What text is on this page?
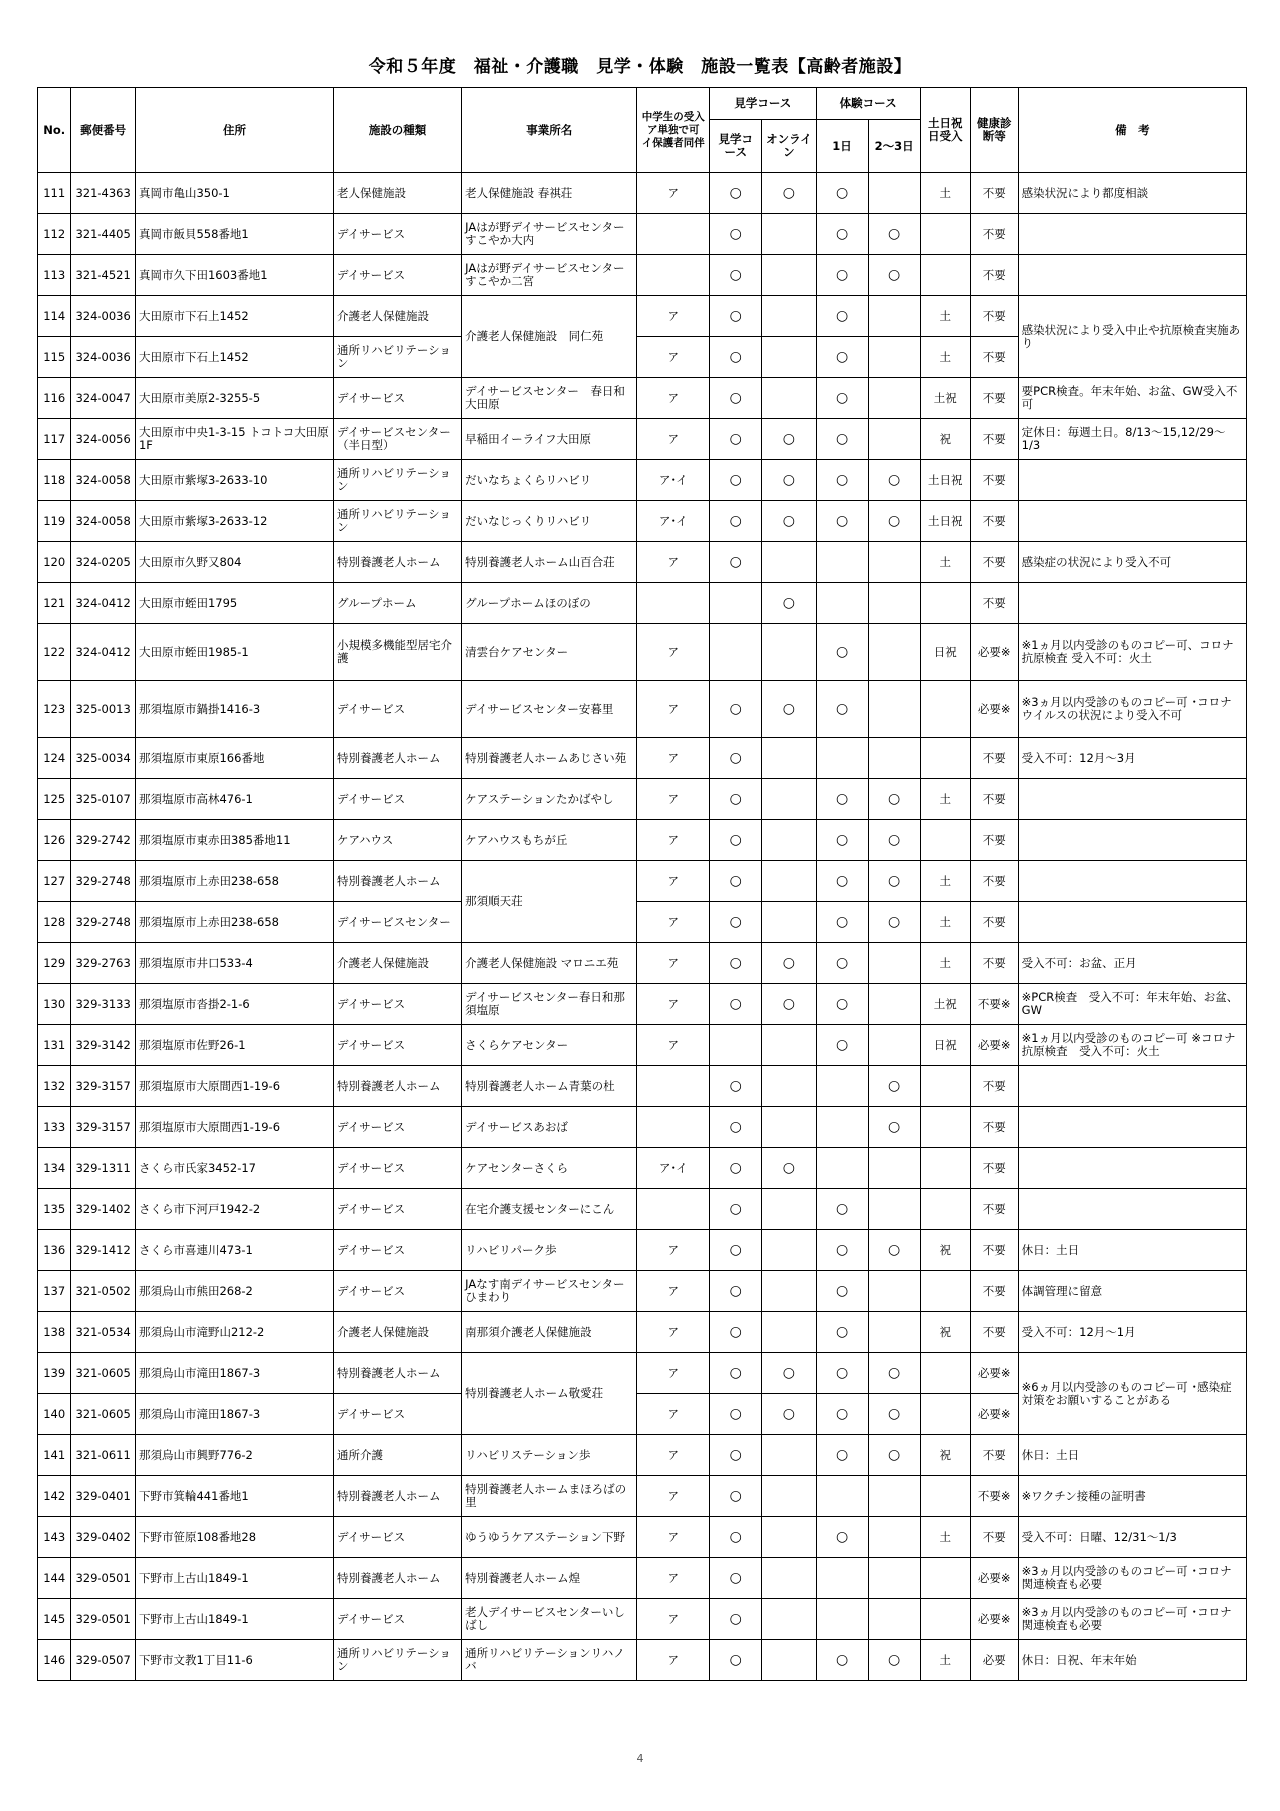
令和５年度　福祉・介護職　見学・体験　施設一覧表【高齢者施設】
No.	郵便番号	住所	施設の種類	事業所名	中学生の受入 ア単独で可 イ保護者同伴	見学コース		体験コース		土日祝日受入	健康診断等	備　考
						見学コース	オンライン	1日	2〜3日			
111	321-4363	真岡市亀山350-1	老人保健施設	老人保健施設 春祺荘	ア	○	○	○		土	不要	感染状況により都度相談
112	321-4405	真岡市飯貝558番地1	デイサービス	JAはが野デイサービスセンターすこやか大内		○		○	○		不要	
113	321-4521	真岡市久下田1603番地1	デイサービス	JAはが野デイサービスセンターすこやか二宮		○		○	○		不要	
114	324-0036	大田原市下石上1452	介護老人保健施設	介護老人保健施設　同仁苑	ア	○		○		土	不要	感染状況により受入中止や抗原検査実施あり
115	324-0036	大田原市下石上1452	通所リハビリテーション		ア	○		○		土	不要	
116	324-0047	大田原市美原2-3255-5	デイサービス	デイサービスセンター　春日和大田原	ア	○		○		土祝	不要	要PCR検査。年末年始、お盆、GW受入不可
117	324-0056	大田原市中央1-3-15 トコトコ大田原1F	デイサービスセンター（半日型）	早稲田イーライフ大田原	ア	○	○	○		祝	不要	定休日：毎週土日。8/13〜15,12/29〜1/3
118	324-0058	大田原市紫塚3-2633-10	通所リハビリテーション	だいなちょくらリハビリ	ア･イ	○	○	○	○	土日祝	不要	
119	324-0058	大田原市紫塚3-2633-12	通所リハビリテーション	だいなじっくりリハビリ	ア･イ	○	○	○	○	土日祝	不要	
120	324-0205	大田原市久野又804	特別養護老人ホーム	特別養護老人ホーム山百合荘	ア	○				土	不要	感染症の状況により受入不可
121	324-0412	大田原市蛭田1795	グループホーム	グループホームほのぼの			○				不要	
122	324-0412	大田原市蛭田1985-1	小規模多機能型居宅介護	清雲台ケアセンター	ア			○		日祝	必要※	※1ヵ月以内受診のものコピー可、コロナ抗原検査 受入不可：火土
123	325-0013	那須塩原市鍋掛1416-3	デイサービス	デイサービスセンター安暮里	ア	○	○	○			必要※	※3ヵ月以内受診のものコピー可 ･コロナウイルスの状況により受入不可
124	325-0034	那須塩原市東原166番地	特別養護老人ホーム	特別養護老人ホームあじさい苑	ア	○					不要	受入不可：12月〜3月
125	325-0107	那須塩原市高林476-1	デイサービス	ケアステーションたかばやし	ア	○		○	○	土	不要	
126	329-2742	那須塩原市東赤田385番地11	ケアハウス	ケアハウスもちが丘	ア	○		○	○		不要	
127	329-2748	那須塩原市上赤田238-658	特別養護老人ホーム	那須順天荘	ア	○		○	○	土	不要	
128	329-2748	那須塩原市上赤田238-658	デイサービスセンター		ア	○		○	○	土	不要	
129	329-2763	那須塩原市井口533-4	介護老人保健施設	介護老人保健施設 マロニエ苑	ア	○	○	○		土	不要	受入不可：お盆、正月
130	329-3133	那須塩原市沓掛2-1-6	デイサービス	デイサービスセンター春日和那須塩原	ア	○	○	○		土祝	不要※	※PCR検査　受入不可：年末年始、お盆、GW
131	329-3142	那須塩原市佐野26-1	デイサービス	さくらケアセンター	ア			○		日祝	必要※	※1ヵ月以内受診のものコピー可 ※コロナ抗原検査　受入不可：火土
132	329-3157	那須塩原市大原間西1-19-6	特別養護老人ホーム	特別養護老人ホーム青葉の杜		○			○		不要	
133	329-3157	那須塩原市大原間西1-19-6	デイサービス	デイサービスあおば		○			○		不要	
134	329-1311	さくら市氏家3452-17	デイサービス	ケアセンターさくら	ア･イ	○	○				不要	
135	329-1402	さくら市下河戸1942-2	デイサービス	在宅介護支援センターにこん		○		○			不要	
136	329-1412	さくら市喜連川473-1	デイサービス	リハビリパーク歩	ア	○		○	○	祝	不要	休日：土日
137	321-0502	那須烏山市熊田268-2	デイサービス	JAなす南デイサービスセンターひまわり	ア	○		○			不要	体調管理に留意
138	321-0534	那須烏山市滝野山212-2	介護老人保健施設	南那須介護老人保健施設	ア	○		○		祝	不要	受入不可：12月〜1月
139	321-0605	那須烏山市滝田1867-3	特別養護老人ホーム	特別養護老人ホーム敬愛荘	ア	○	○	○	○		必要※	※6ヵ月以内受診のものコピー可 ･感染症対策をお願いすることがある
140	321-0605	那須烏山市滝田1867-3	デイサービス		ア	○	○	○	○		必要※	
141	321-0611	那須烏山市興野776-2	通所介護	リハビリステーション歩	ア	○		○	○	祝	不要	休日：土日
142	329-0401	下野市箕輪441番地1	特別養護老人ホーム	特別養護老人ホームまほろばの里	ア	○					不要※	※ワクチン接種の証明書
143	329-0402	下野市笹原108番地28	デイサービス	ゆうゆうケアステーション下野	ア	○		○		土	不要	受入不可：日曜、12/31〜1/3
144	329-0501	下野市上古山1849-1	特別養護老人ホーム	特別養護老人ホーム煌	ア	○					必要※	※3ヵ月以内受診のものコピー可 ･コロナ関連検査も必要
145	329-0501	下野市上古山1849-1	デイサービス	老人デイサービスセンターいしばし	ア	○					必要※	※3ヵ月以内受診のものコピー可 ･コロナ関連検査も必要
146	329-0507	下野市文教1丁目11-6	通所リハビリテーション	通所リハビリテーションリハノバ	ア	○		○	○	土	必要	休日：日祝、年末年始
4
